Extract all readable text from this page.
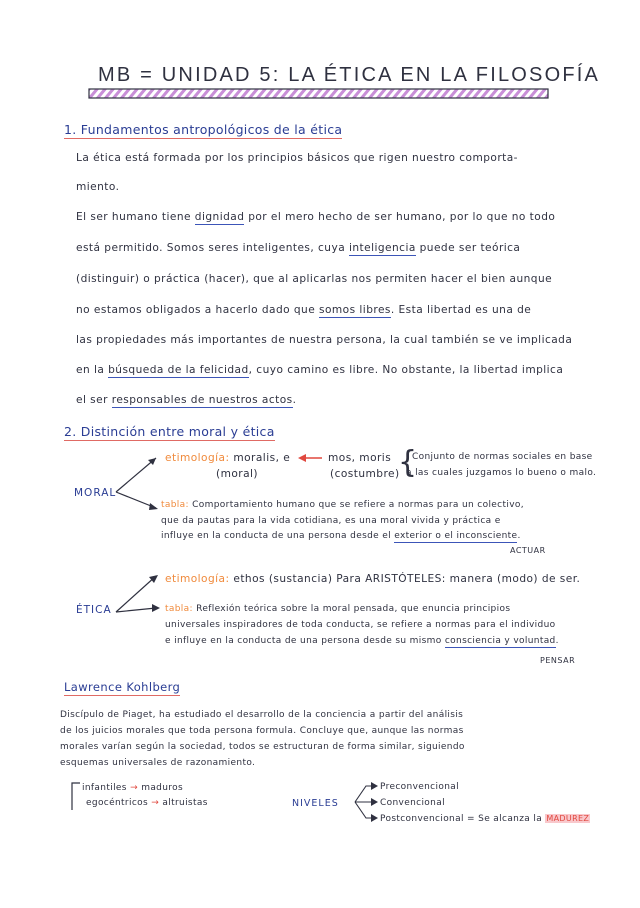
MB = UNIDAD 5: LA ÉTICA EN LA FILOSOFÍA
1. Fundamentos antropológicos de la ética
La ética está formada por los principios básicos que rigen nuestro comporta-
miento.
El ser humano tiene dignidad por el mero hecho de ser humano, por lo que no todo
está permitido. Somos seres inteligentes, cuya inteligencia puede ser teórica
(distinguir) o práctica (hacer), que al aplicarlas nos permiten hacer el bien aunque
no estamos obligados a hacerlo dado que somos libres. Esta libertad es una de
las propiedades más importantes de nuestra persona, la cual también se ve implicada
en la búsqueda de la felicidad, cuyo camino es libre. No obstante, la libertad implica
el ser responsables de nuestros actos.
2. Distinción entre moral y ética
MORAL
etimología: moralis, e
(moral)
mos, moris
(costumbre)
{
Conjunto de normas sociales en base
a las cuales juzgamos lo bueno o malo.
tabla: Comportamiento humano que se refiere a normas para un colectivo,
que da pautas para la vida cotidiana, es una moral vivida y práctica e
influye en la conducta de una persona desde el exterior o el inconsciente.
ACTUAR
ÉTICA
etimología: ethos (sustancia) Para ARISTÓTELES: manera (modo) de ser.
tabla: Reflexión teórica sobre la moral pensada, que enuncia principios
universales inspiradores de toda conducta, se refiere a normas para el individuo
e influye en la conducta de una persona desde su mismo consciencia y voluntad.
PENSAR
Lawrence Kohlberg
Discípulo de Piaget, ha estudiado el desarrollo de la conciencia a partir del análisis
de los juicios morales que toda persona formula. Concluye que, aunque las normas
morales varían según la sociedad, todos se estructuran de forma similar, siguiendo
esquemas universales de razonamiento.
infantiles → maduros
egocéntricos → altruistas	NIVELES
Preconvencional
Convencional
Postconvencional = Se alcanza la MADUREZ
